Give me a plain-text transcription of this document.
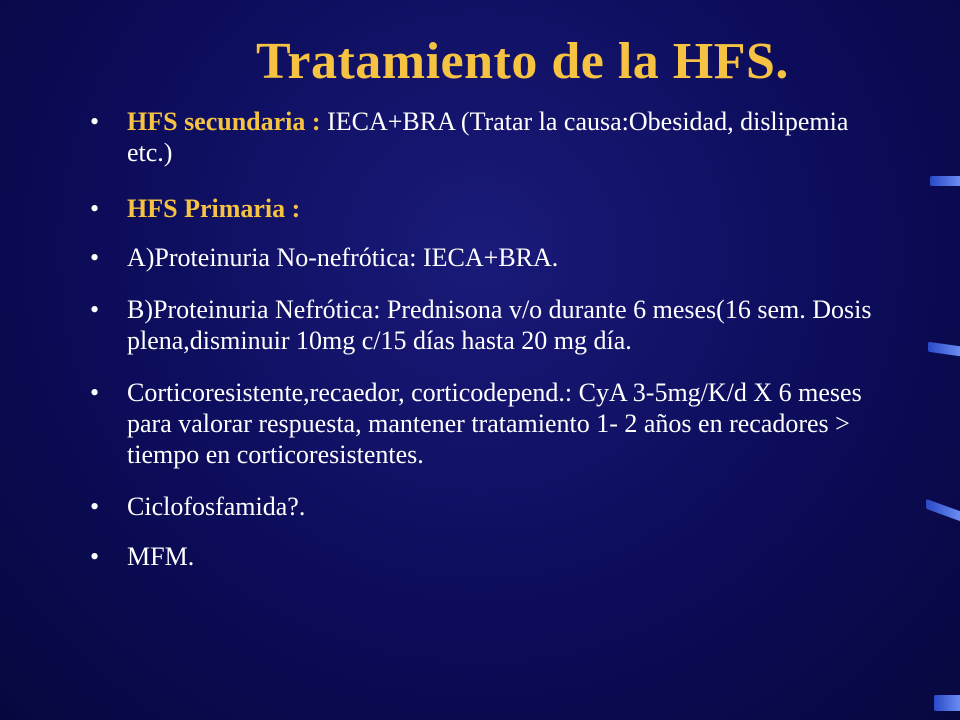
Tratamiento de la HFS.
• HFS secundaria : IECA+BRA (Tratar la causa:Obesidad, dislipemia etc.)
• HFS Primaria :
• A)Proteinuria No-nefrótica: IECA+BRA.
• B)Proteinuria Nefrótica: Prednisona v/o durante 6 meses(16 sem. Dosis plena,disminuir 10mg c/15 días hasta 20 mg día.
• Corticoresistente,recaedor, corticodepend.: CyA 3-5mg/K/d X 6 meses para valorar respuesta, mantener tratamiento 1- 2 años en recadores > tiempo en corticoresistentes.
• Ciclofosfamida?.
• MFM.
